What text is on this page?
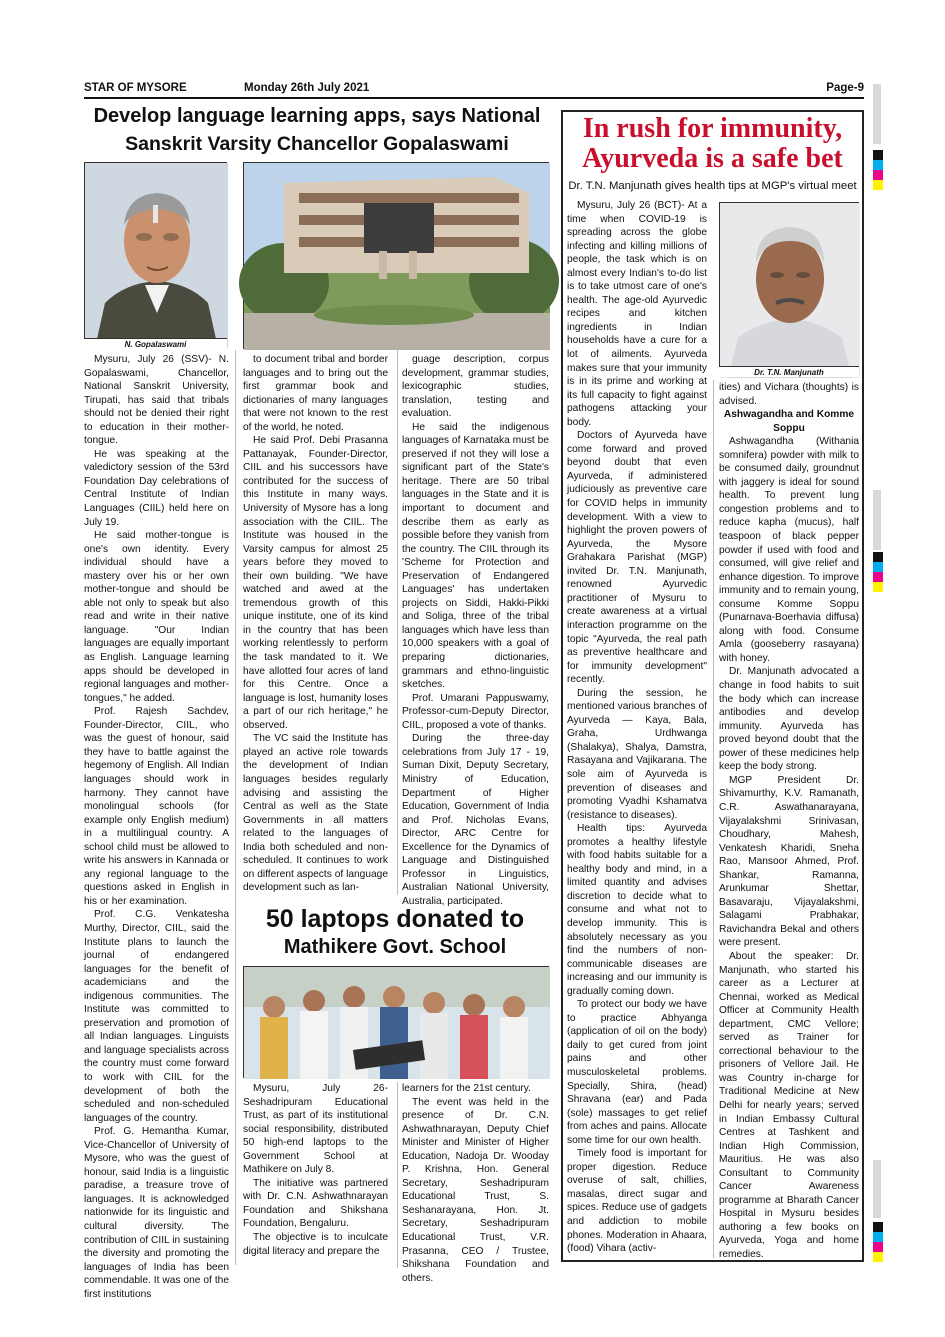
STAR OF MYSORE	Monday 26th July 2021	Page-9
Develop language learning apps, says National
Sanskrit Varsity Chancellor Gopalaswami
N. Gopalaswami

Mysuru, July 26 (SSV)- N. Gopalaswami, Chancellor, National Sanskrit University, Tirupati, has said that tribals should not be denied their right to education in their mother-tongue.

He was speaking at the valedictory session of the 53rd Foundation Day celebrations of Central Institute of Indian Languages (CIIL) held here on July 19.

He said mother-tongue is one's own identity. Every individual should have a mastery over his or her own mother-tongue and should be able not only to speak but also read and write in their native language. "Our Indian languages are equally important as English. Language learning apps should be developed in regional languages and mother-tongues," he added.

Prof. Rajesh Sachdev, Founder-Director, CIIL, who was the guest of honour, said they have to battle against the hegemony of English. All Indian languages should work in harmony. They cannot have monolingual schools (for example only English medium) in a multilingual country. A school child must be allowed to write his answers in Kannada or any regional language to the questions asked in English in his or her examination.

Prof. C.G. Venkatesha Murthy, Director, CIIL, said the Institute plans to launch the journal of endangered languages for the benefit of academicians and the indigenous communities. The Institute was committed to preservation and promotion of all Indian languages. Linguists and language specialists across the country must come forward to work with CIIL for the development of both the scheduled and non-scheduled languages of the country.

Prof. G. Hemantha Kumar, Vice-Chancellor of University of Mysore, who was the guest of honour, said India is a linguistic paradise, a treasure trove of languages. It is acknowledged nationwide for its linguistic and cultural diversity. The contribution of CIIL in sustaining the diversity and promoting the languages of India has been commendable. It was one of the first institutions

to document tribal and border languages and to bring out the first grammar book and dictionaries of many languages that were not known to the rest of the world, he noted.

He said Prof. Debi Prasanna Pattanayak, Founder-Director, CIIL and his successors have contributed for the success of this Institute in many ways. University of Mysore has a long association with the CIIL. The Institute was housed in the Varsity campus for almost 25 years before they moved to their own building. "We have watched and awed at the tremendous growth of this unique institute, one of its kind in the country that has been working relentlessly to perform the task mandated to it. We have allotted four acres of land for this Centre. Once a language is lost, humanity loses a part of our rich heritage," he observed.

The VC said the Institute has played an active role towards the development of Indian languages besides regularly advising and assisting the Central as well as the State Governments in all matters related to the languages of India both scheduled and non-scheduled. It continues to work on different aspects of language development such as lan-

guage description, corpus development, grammar studies, lexicographic studies, translation, testing and evaluation.

He said the indigenous languages of Karnataka must be preserved if not they will lose a significant part of the State's heritage. There are 50 tribal languages in the State and it is important to document and describe them as early as possible before they vanish from the country. The CIIL through its 'Scheme for Protection and Preservation of Endangered Languages' has undertaken projects on Siddi, Hakki-Pikki and Soliga, three of the tribal languages which have less than 10,000 speakers with a goal of preparing dictionaries, grammars and ethno-linguistic sketches.

Prof. Umarani Pappuswamy, Professor-cum-Deputy Director, CIIL, proposed a vote of thanks.

During the three-day celebrations from July 17 - 19, Suman Dixit, Deputy Secretary, Ministry of Education, Department of Higher Education, Government of India and Prof. Nicholas Evans, Director, ARC Centre for Excellence for the Dynamics of Language and Distinguished Professor in Linguistics, Australian National University, Australia, participated.

50 laptops donated to
Mathikere Govt. School

Mysuru, July 26- Seshadripuram Educational Trust, as part of its institutional social responsibility, distributed 50 high-end laptops to the Government School at Mathikere on July 8.

The initiative was partnered with Dr. C.N. Ashwathnarayan Foundation and Shikshana Foundation, Bengaluru.

The objective is to inculcate digital literacy and prepare the

learners for the 21st century.

The event was held in the presence of Dr. C.N. Ashwathnarayan, Deputy Chief Minister and Minister of Higher Education, Nadoja Dr. Wooday P. Krishna, Hon. General Secretary, Seshadripuram Educational Trust, S. Seshanarayana, Hon. Jt. Secretary, Seshadripuram Educational Trust, V.R. Prasanna, CEO / Trustee, Shikshana Foundation and others.

In rush for immunity,
Ayurveda is a safe bet
Dr. T.N. Manjunath gives health tips at MGP's virtual meet
Dr. T.N. Manjunath

Mysuru, July 26 (BCT)- At a time when COVID-19 is spreading across the globe infecting and killing millions of people, the task which is on almost every Indian's to-do list is to take utmost care of one's health. The age-old Ayurvedic recipes and kitchen ingredients in Indian households have a cure for a lot of ailments. Ayurveda makes sure that your immunity is in its prime and working at its full capacity to fight against pathogens attacking your body.

Doctors of Ayurveda have come forward and proved beyond doubt that even Ayurveda, if administered judiciously as preventive care for COVID helps in immunity development. With a view to highlight the proven powers of Ayurveda, the Mysore Grahakara Parishat (MGP) invited Dr. T.N. Manjunath, renowned Ayurvedic practitioner of Mysuru to create awareness at a virtual interaction programme on the topic "Ayurveda, the real path as preventive healthcare and for immunity development" recently.

During the session, he mentioned various branches of Ayurveda — Kaya, Bala, Graha, Urdhwanga (Shalakya), Shalya, Damstra, Rasayana and Vajikarana. The sole aim of Ayurveda is prevention of diseases and promoting Vyadhi Kshamatva (resistance to diseases).

Health tips: Ayurveda promotes a healthy lifestyle with food habits suitable for a healthy body and mind, in a limited quantity and advises discretion to decide what to consume and what not to develop immunity. This is absolutely necessary as you find the numbers of non-communicable diseases are increasing and our immunity is gradually coming down.

To protect our body we have to practice Abhyanga (application of oil on the body) daily to get cured from joint pains and other musculoskeletal problems. Specially, Shira, (head) Shravana (ear) and Pada (sole) massages to get relief from aches and pains. Allocate some time for our own health.

Timely food is important for proper digestion. Reduce overuse of salt, chillies, masalas, direct sugar and spices. Reduce use of gadgets and addiction to mobile phones. Moderation in Ahaara, (food) Vihara (activ-

ities) and Vichara (thoughts) is advised.

Ashwagandha and Komme Soppu

Ashwagandha (Withania somnifera) powder with milk to be consumed daily, groundnut with jaggery is ideal for sound health. To prevent lung congestion problems and to reduce kapha (mucus), half teaspoon of black pepper powder if used with food and consumed, will give relief and enhance digestion. To improve immunity and to remain young, consume Komme Soppu (Punarnava-Boerhavia diffusa) along with food. Consume Amla (gooseberry rasayana) with honey.

Dr. Manjunath advocated a change in food habits to suit the body which can increase antibodies and develop immunity. Ayurveda has proved beyond doubt that the power of these medicines help keep the body strong.

MGP President Dr. Shivamurthy, K.V. Ramanath, C.R. Aswathanarayana, Vijayalakshmi Srinivasan, Choudhary, Mahesh, Venkatesh Kharidi, Sneha Rao, Mansoor Ahmed, Prof. Shankar, Ramanna, Arunkumar Shettar, Basavaraju, Vijayalakshmi, Salagami Prabhakar, Ravichandra Bekal and others were present.

About the speaker: Dr. Manjunath, who started his career as a Lecturer at Chennai, worked as Medical Officer at Community Health department, CMC Vellore; served as Trainer for correctional behaviour to the prisoners of Vellore Jail. He was Country in-charge for Traditional Medicine at New Delhi for nearly years; served in Indian Embassy Cultural Centres at Tashkent and Indian High Commission, Mauritius. He was also Consultant to Community Cancer Awareness programme at Bharath Cancer Hospital in Mysuru besides authoring a few books on Ayurveda, Yoga and home remedies.
